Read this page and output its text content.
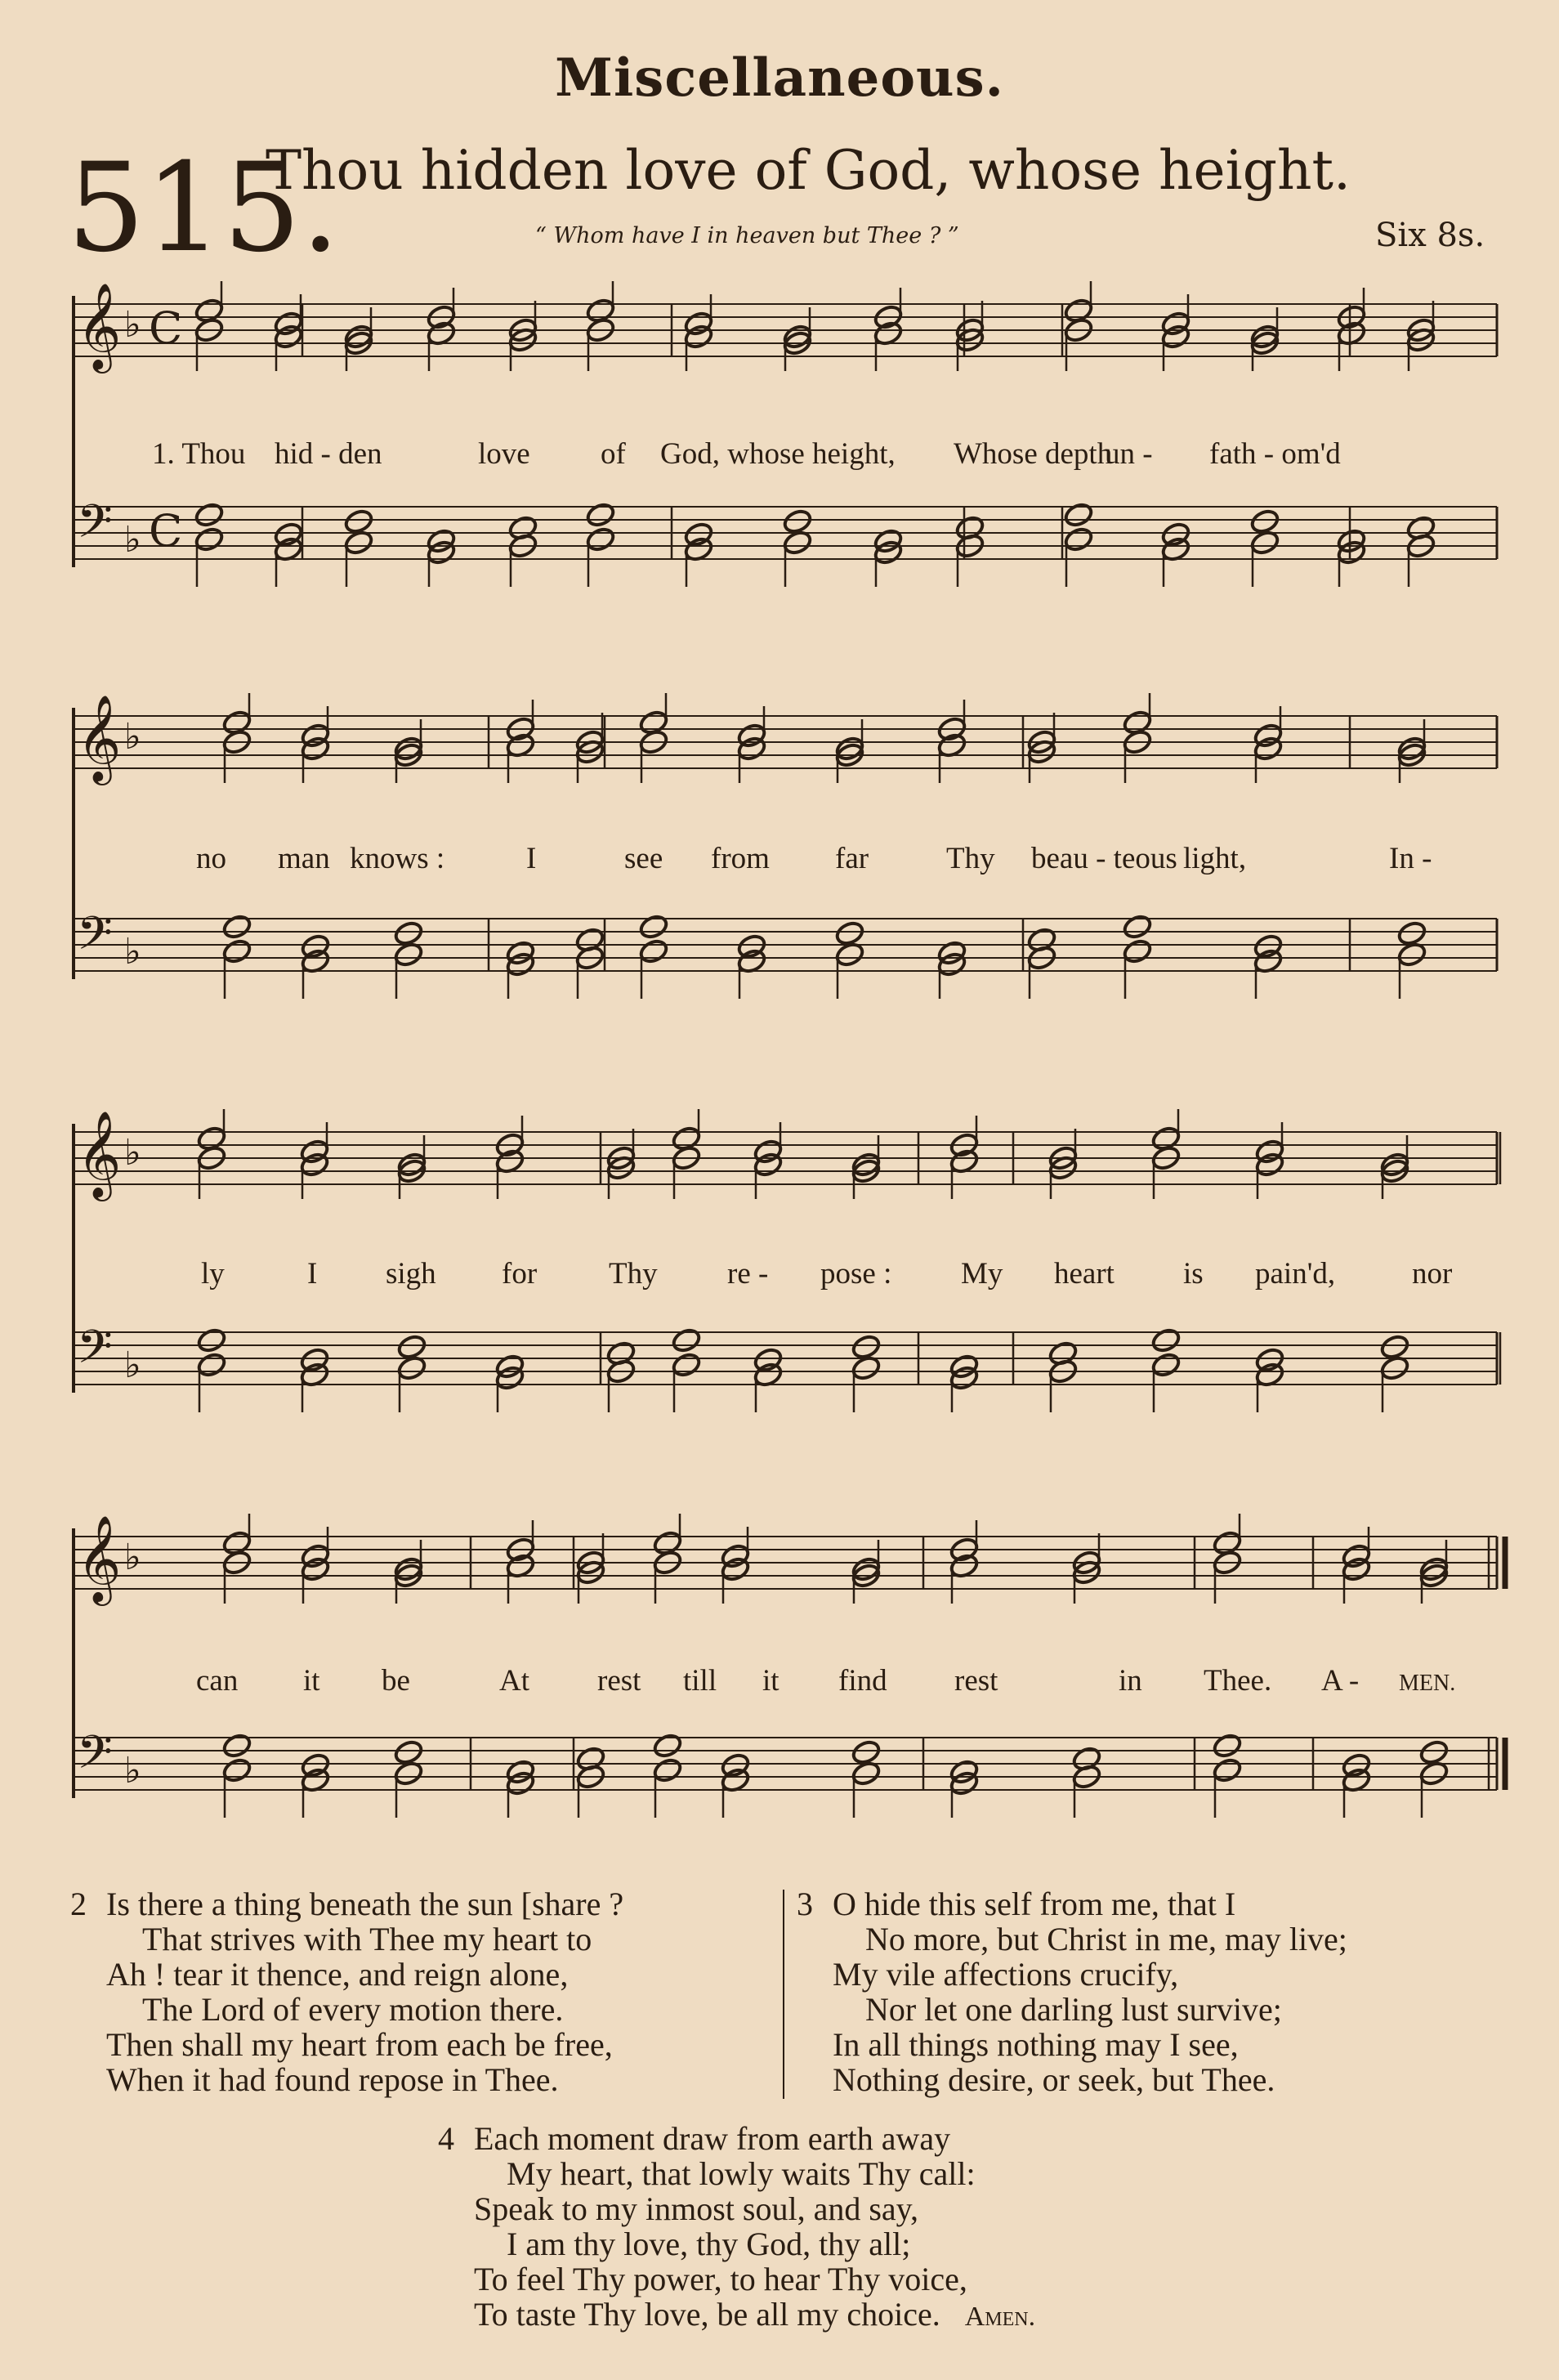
Miscellaneous.
515.
Thou hidden love of God, whose height.
“ Whom have I in heaven but Thee ? ”	Six 8s.
𝄞 ♭ C
𝄢 ♭ C
1. Thou hid - den	love of God, whose height, Whose depth
un - fath - om'd
𝄞 ♭
𝄢 ♭
no man knows :	I	see from far	Thy beau - teous light,	In -
𝄞 ♭
𝄢 ♭
ly	I sigh for Thy re - pose : My heart is pain'd,	nor
𝄞 ♭
𝄢 ♭
can it be	At rest till it find rest	in Thee. A - MEN.
2 Is there a thing beneath the sun [share ?
That strives with Thee my heart to
Ah ! tear it thence, and reign alone,
The Lord of every motion there.
Then shall my heart from each be free,
When it had found repose in Thee.
3 O hide this self from me, that I
No more, but Christ in me, may live;
My vile affections crucify,
Nor let one darling lust survive;
In all things nothing may I see,
Nothing desire, or seek, but Thee.
4 Each moment draw from earth away
My heart, that lowly waits Thy call:
Speak to my inmost soul, and say,
I am thy love, thy God, thy all;
To feel Thy power, to hear Thy voice,
To taste Thy love, be all my choice. Amen.
